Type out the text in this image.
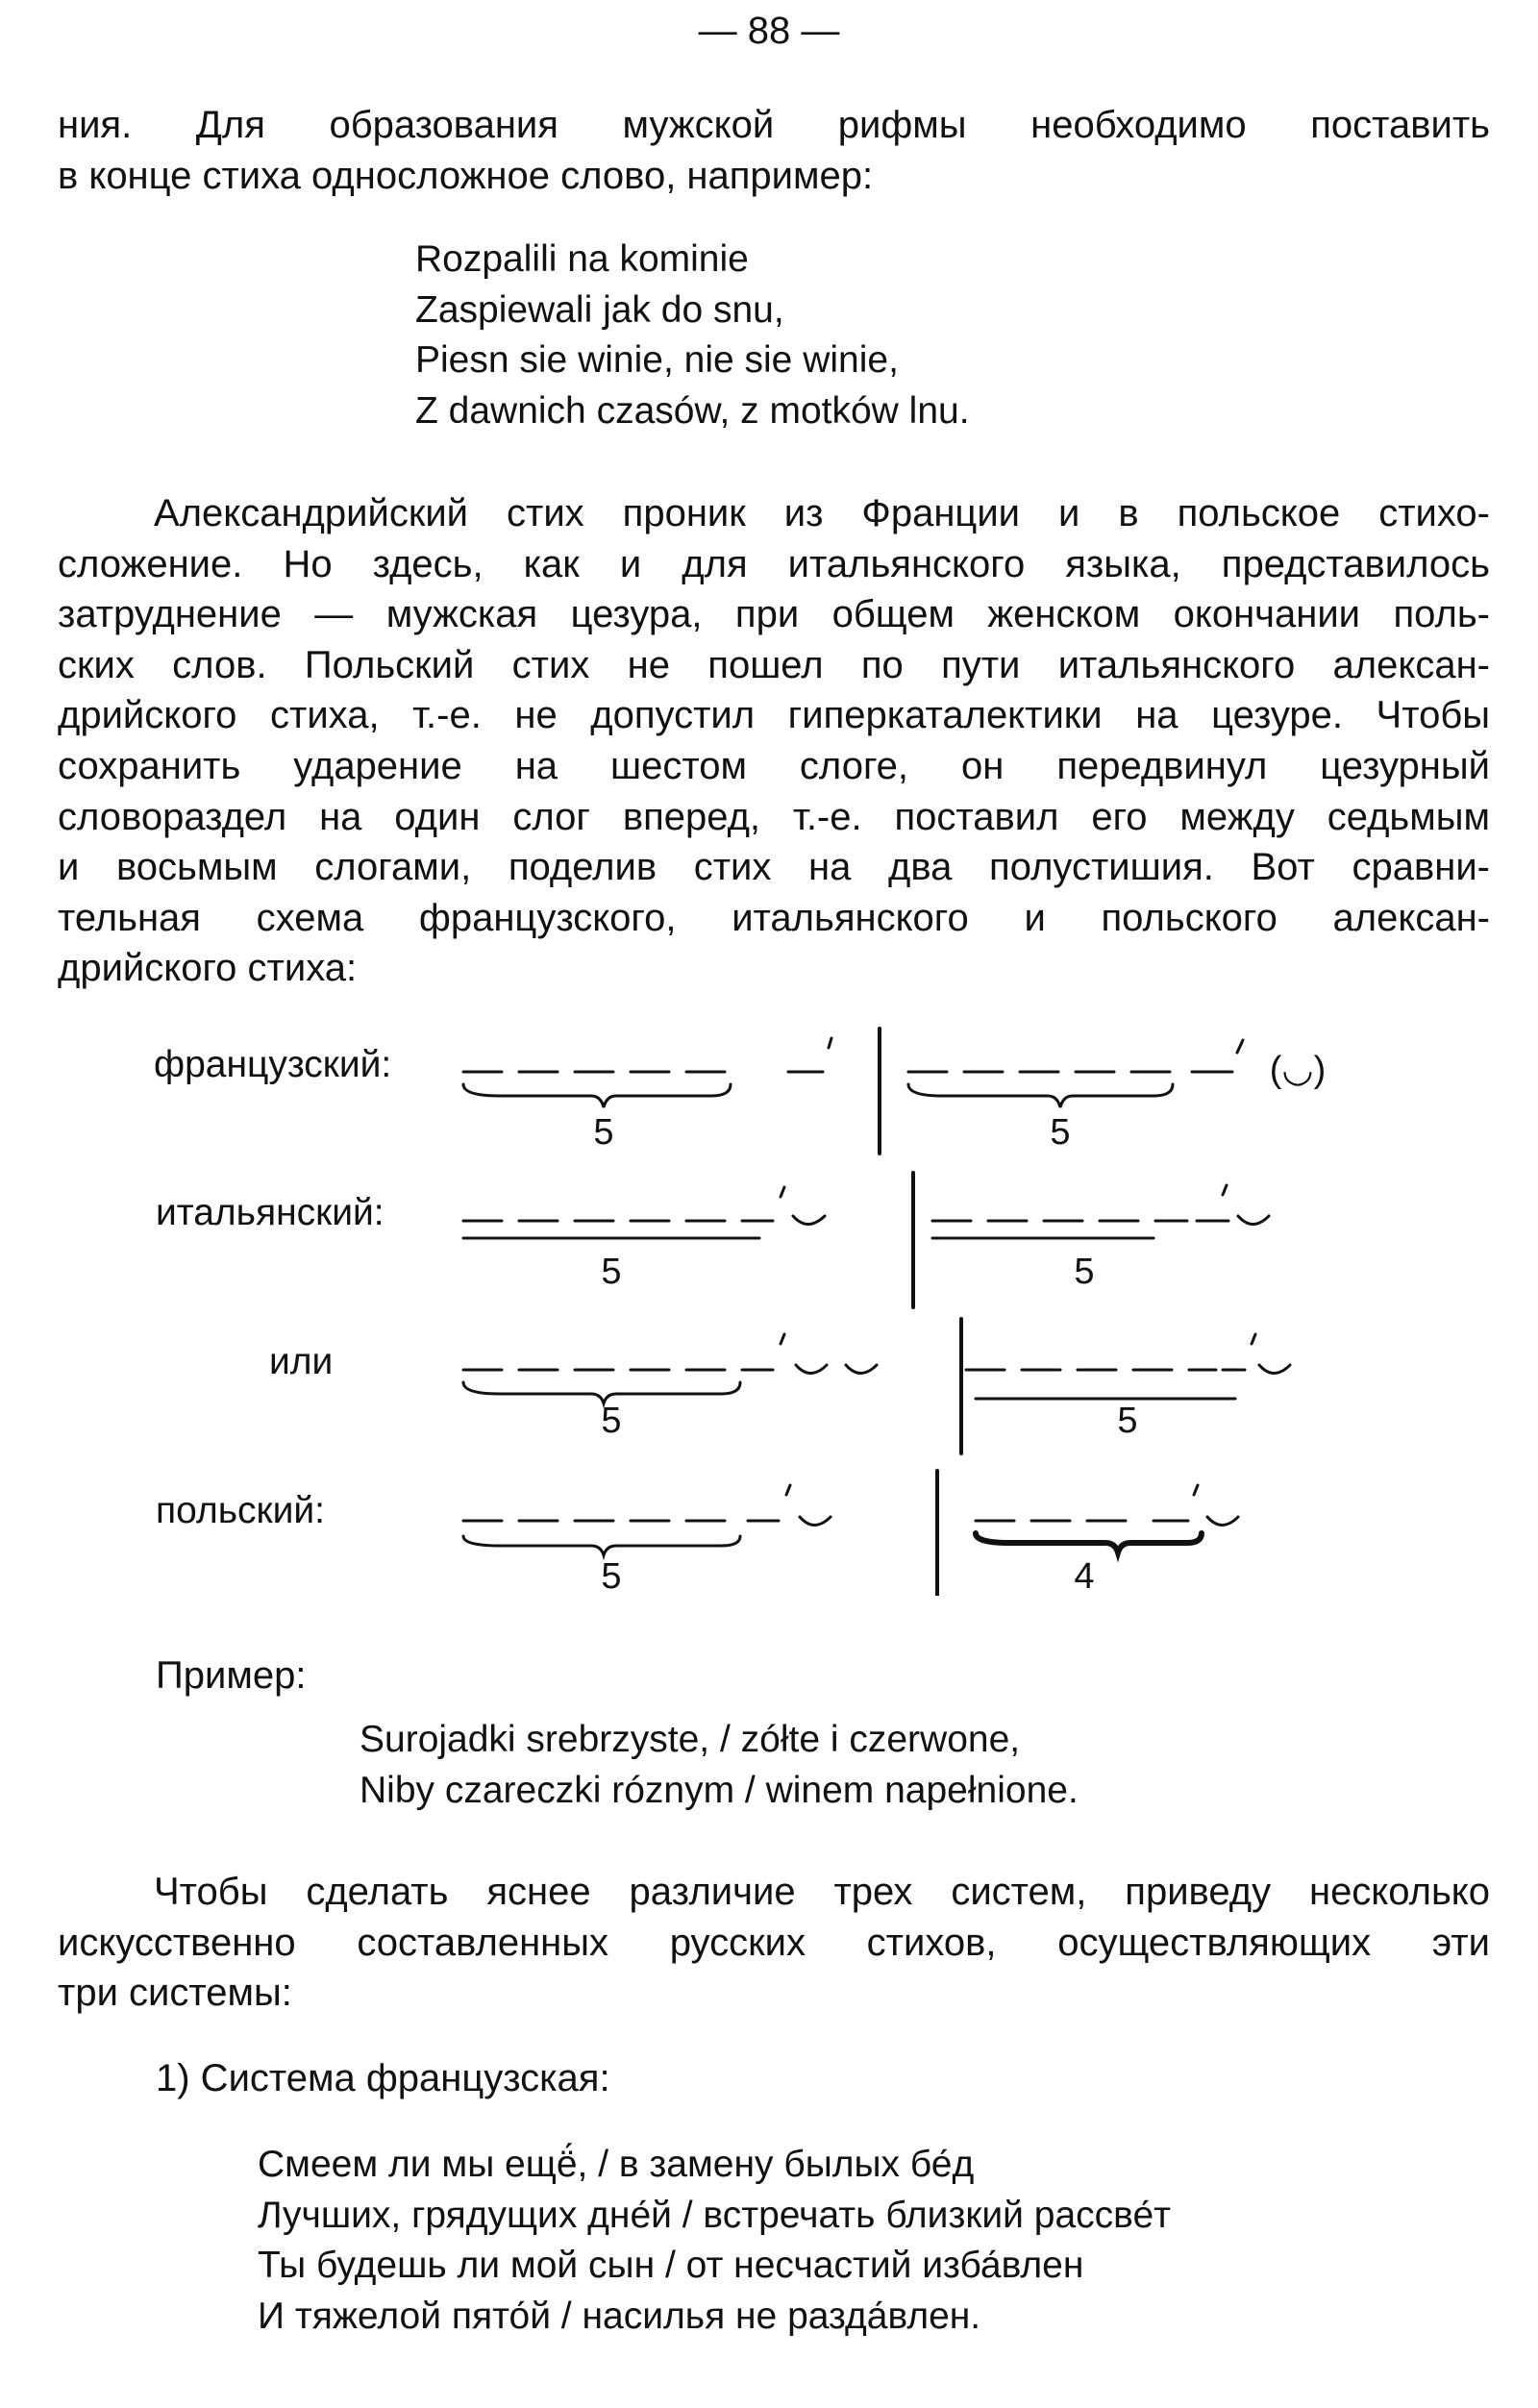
— 88 —
ния. Для образования мужской рифмы необходимо поставить
в конце стиха односложное слово, например:
Rozpalili na kominie
Zaspiewali jak do snu,
Piesn sie winie, nie sie winie,
Z dawnich czasów, z motków lnu.
Александрийский стих проник из Франции и в польское стихо-
сложение. Но здесь, как и для итальянского языка, представилось
затруднение — мужская цезура, при общем женском окончании поль-
ских слов. Польский стих не пошел по пути итальянского алексан-
дрийского стиха, т.-е. не допустил гиперкаталектики на цезуре. Чтобы
сохранить ударение на шестом слоге, он передвинул цезурный
словораздел на один слог вперед, т.-е. поставил его между седьмым
и восьмым слогами, поделив стих на два полустишия. Вот сравни-
тельная схема французского, итальянского и польского алексан-
дрийского стиха:
французский:
итальянский:
или
польский:
5	5
(◡)
5	5
5	5
5	4
Пример:
Surojadki srebrzyste, / zółte i czerwone,
Niby czareczki róznym / winem napełnione.
Чтобы сделать яснее различие трех систем, приведу несколько
искусственно составленных русских стихов, осуществляющих эти
три системы:
1) Система французская:
Смеем ли мы ещё́, / в замену былых бе́д
Лучших, грядущих дне́й / встречать близкий рассве́т
Ты будешь ли мой сын / от несчастий изба́влен
И тяжелой пято́й / насилья не разда́влен.
